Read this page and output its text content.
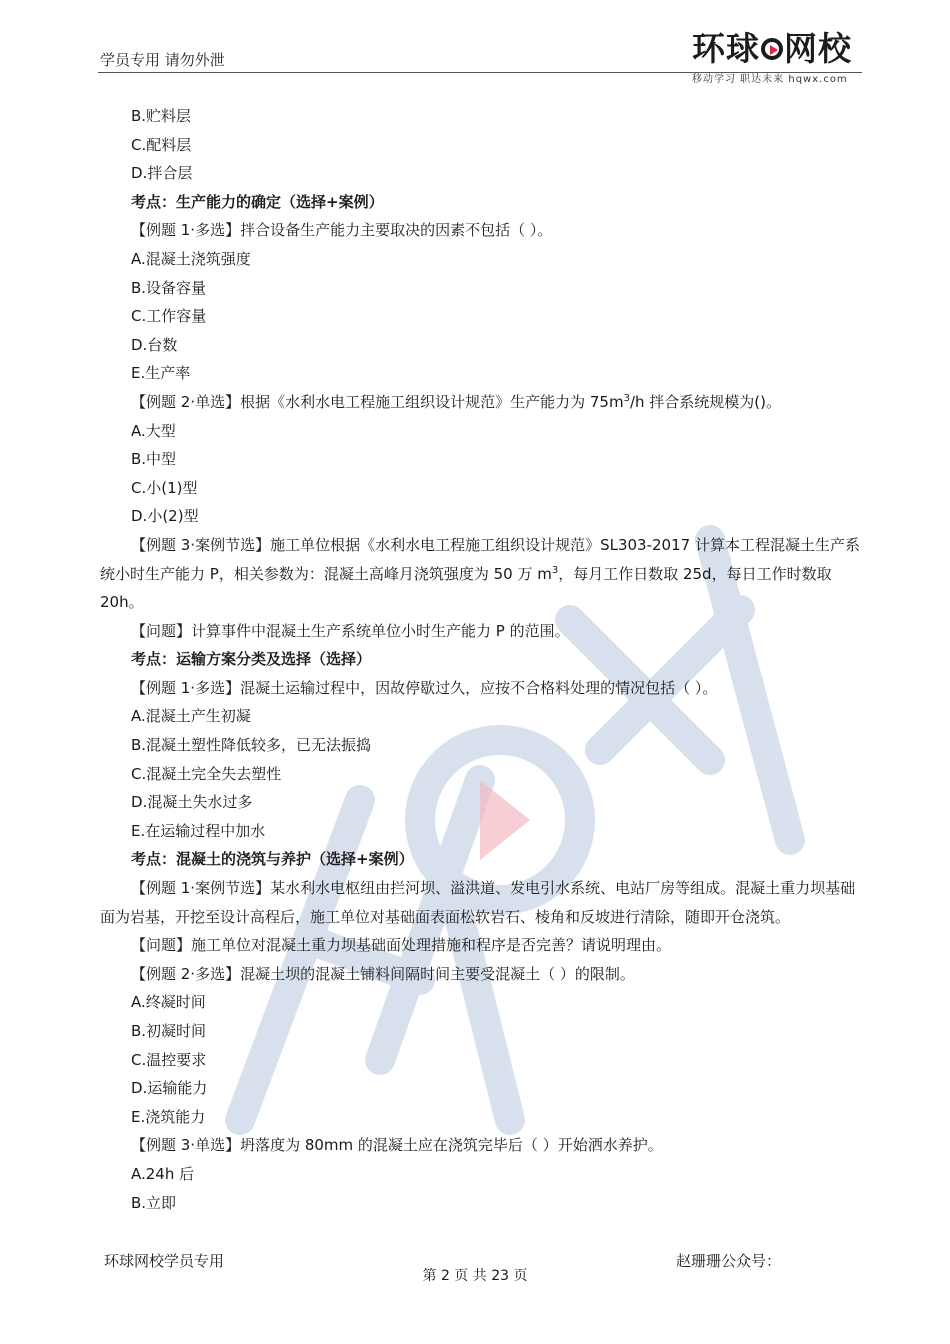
学员专用 请勿外泄	环球 网校
移动学习 职达未来 hqwx.com
B.贮料层
C.配料层
D.拌合层
考点：生产能力的确定（选择+案例）
【例题 1·多选】拌合设备生产能力主要取决的因素不包括（ ）。
A.混凝土浇筑强度
B.设备容量
C.工作容量
D.台数
E.生产率
【例题 2·单选】根据《水利水电工程施工组织设计规范》生产能力为 $75m^3/h$ 拌合系统规模为()。
A.大型
B.中型
C.小(1)型
D.小(2)型
【例题 3·案例节选】施工单位根据《水利水电工程施工组织设计规范》SL303-2017 计算本工程混凝土生产系统小时生产能力 P，相关参数为：混凝土高峰月浇筑强度为 50 万 $m^3$，每月工作日数取 25d，每日工作时数取 20h。
【问题】计算事件中混凝土生产系统单位小时生产能力 P 的范围。
考点：运输方案分类及选择（选择）
【例题 1·多选】混凝土运输过程中，因故停歇过久，应按不合格料处理的情况包括（ ）。
A.混凝土产生初凝
B.混凝土塑性降低较多，已无法振捣
C.混凝土完全失去塑性
D.混凝土失水过多
E.在运输过程中加水
考点：混凝土的浇筑与养护（选择+案例）
【例题 1·案例节选】某水利水电枢纽由拦河坝、溢洪道、发电引水系统、电站厂房等组成。混凝土重力坝基础面为岩基，开挖至设计高程后，施工单位对基础面表面松软岩石、棱角和反坡进行清除，随即开仓浇筑。
【问题】施工单位对混凝土重力坝基础面处理措施和程序是否完善？请说明理由。
【例题 2·多选】混凝土坝的混凝土铺料间隔时间主要受混凝土（ ）的限制。
A.终凝时间
B.初凝时间
C.温控要求
D.运输能力
E.浇筑能力
【例题 3·单选】坍落度为 80mm 的混凝土应在浇筑完毕后（ ）开始洒水养护。
A.24h 后
B.立即
环球网校学员专用
第 2 页 共 23 页
赵珊珊公众号：
